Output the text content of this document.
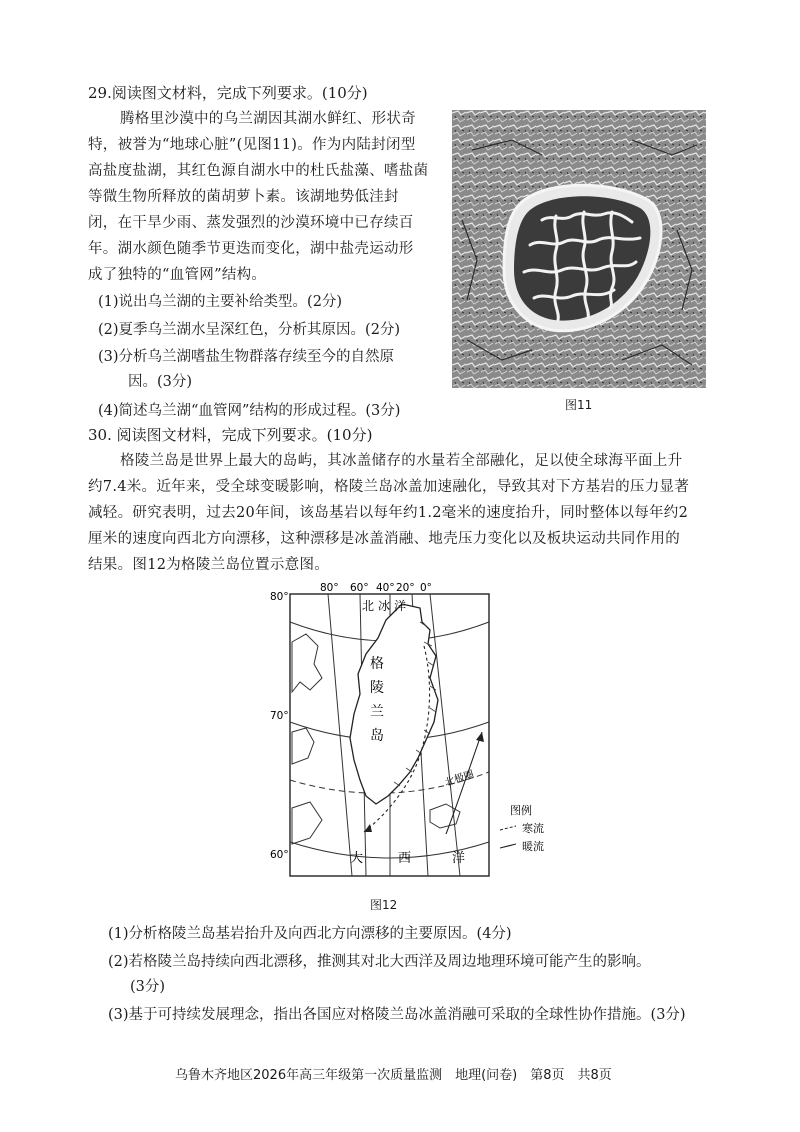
29.阅读图文材料，完成下列要求。(10分)
腾格里沙漠中的乌兰湖因其湖水鲜红、形状奇
特，被誉为“地球心脏”(见图11)。作为内陆封闭型
高盐度盐湖，其红色源自湖水中的杜氏盐藻、嗜盐菌
等微生物所释放的菌胡萝卜素。该湖地势低洼封
闭，在干旱少雨、蒸发强烈的沙漠环境中已存续百
年。湖水颜色随季节更迭而变化，湖中盐壳运动形
成了独特的“血管网”结构。
(1)说出乌兰湖的主要补给类型。(2分)
(2)夏季乌兰湖水呈深红色，分析其原因。(2分)
(3)分析乌兰湖嗜盐生物群落存续至今的自然原
因。(3分)
(4)简述乌兰湖“血管网”结构的形成过程。(3分)	图11
30. 阅读图文材料，完成下列要求。(10分)
格陵兰岛是世界上最大的岛屿，其冰盖储存的水量若全部融化，足以使全球海平面上升
约7.4米。近年来，受全球变暖影响，格陵兰岛冰盖加速融化，导致其对下方基岩的压力显著
减轻。研究表明，过去20年间，该岛基岩以每年约1.2毫米的速度抬升，同时整体以每年约2
厘米的速度向西北方向漂移，这种漂移是冰盖消融、地壳压力变化以及板块运动共同作用的
结果。图12为格陵兰岛位置示意图。
图例
寒流
暖流
80°
70°
60°
80° 60° 40° 20° 0°
北 冰 洋
格
陵
兰
岛
北极圈
大	西	洋
图12
(1)分析格陵兰岛基岩抬升及向西北方向漂移的主要原因。(4分)
(2)若格陵兰岛持续向西北漂移，推测其对北大西洋及周边地理环境可能产生的影响。
(3分)
(3)基于可持续发展理念，指出各国应对格陵兰岛冰盖消融可采取的全球性协作措施。(3分)
乌鲁木齐地区2026年高三年级第一次质量监测　地理(问卷)　第8页　共8页
